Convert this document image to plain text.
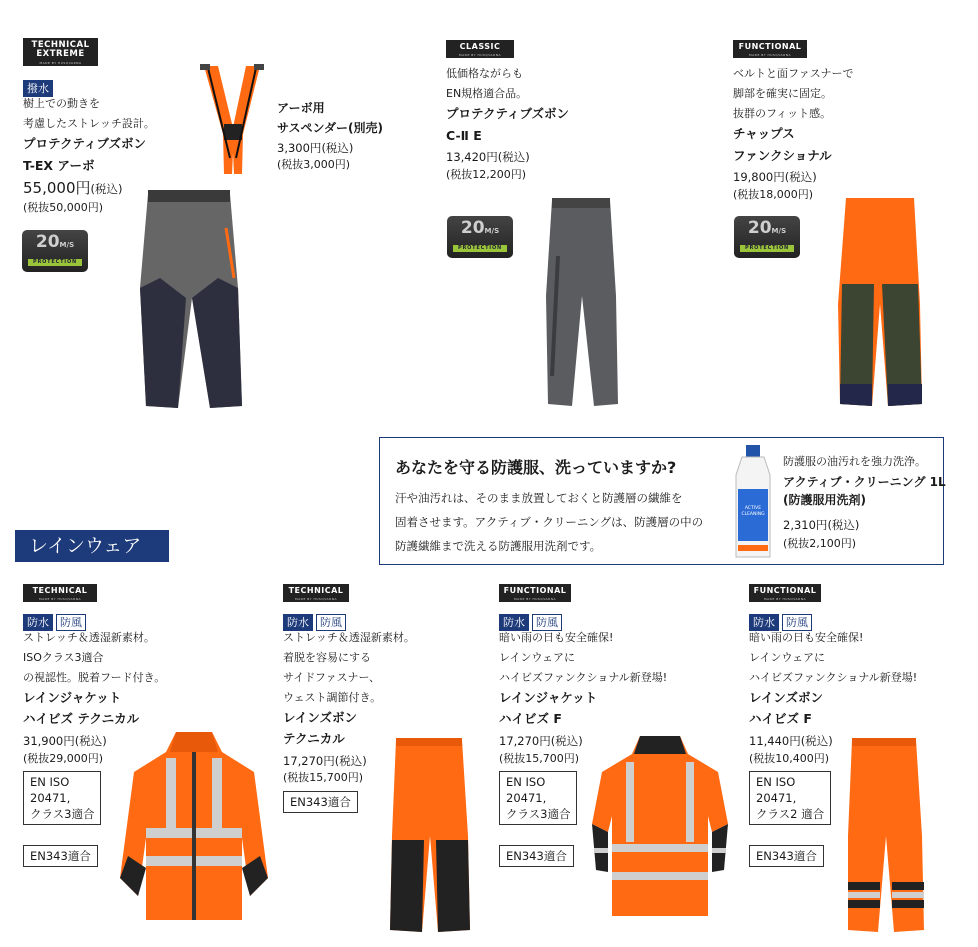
TECHNICAL EXTREME
MADE BY HUSQVARNA
撥水
樹上での動きを
考慮したストレッチ設計。
プロテクティブズボン
T-EX アーボ
55,000円(税込)
(税抜50,000円)
20M/S
PROTECTION
アーボ用
サスペンダー(別売)
3,300円(税込)
(税抜3,000円)
CLASSIC
MADE BY HUSQVARNA
低価格ながらも
EN規格適合品。
プロテクティブズボン
C-Ⅱ E
13,420円(税込)
(税抜12,200円)
20M/S
PROTECTION
FUNCTIONAL
MADE BY HUSQVARNA
ベルトと面ファスナーで
脚部を確実に固定。
抜群のフィット感。
チャップス
ファンクショナル
19,800円(税込)
(税抜18,000円)
20M/S
PROTECTION
あなたを守る防護服、洗っていますか?
汗や油汚れは、そのまま放置しておくと防護層の繊維を
固着させます。アクティブ・クリーニングは、防護層の中の
防護繊維まで洗える防護服用洗剤です。
ACTIVE
CLEANING
防護服の油汚れを強力洗浄。
アクティブ・クリーニング 1L
(防護服用洗剤)
2,310円(税込)
(税抜2,100円)
レインウェア
TECHNICAL
MADE BY HUSQVARNA
防水 防風
ストレッチ＆透湿新素材。
ISOクラス3適合
の視認性。脱着フード付き。
レインジャケット
ハイビズ テクニカル
31,900円(税込)
(税抜29,000円)
EN ISO
20471,
クラス3適合
EN343適合
TECHNICAL
MADE BY HUSQVARNA
防水 防風
ストレッチ＆透湿新素材。
着脱を容易にする
サイドファスナー、
ウェスト調節付き。
レインズボン
テクニカル
17,270円(税込)
(税抜15,700円)
EN343適合
FUNCTIONAL
MADE BY HUSQVARNA
防水 防風
暗い雨の日も安全確保!
レインウェアに
ハイビズファンクショナル新登場!
レインジャケット
ハイビズ F
17,270円(税込)
(税抜15,700円)
EN ISO
20471,
クラス3適合
EN343適合
FUNCTIONAL
MADE BY HUSQVARNA
防水 防風
暗い雨の日も安全確保!
レインウェアに
ハイビズファンクショナル新登場!
レインズボン
ハイビズ F
11,440円(税込)
(税抜10,400円)
EN ISO
20471,
クラス2 適合
EN343適合
